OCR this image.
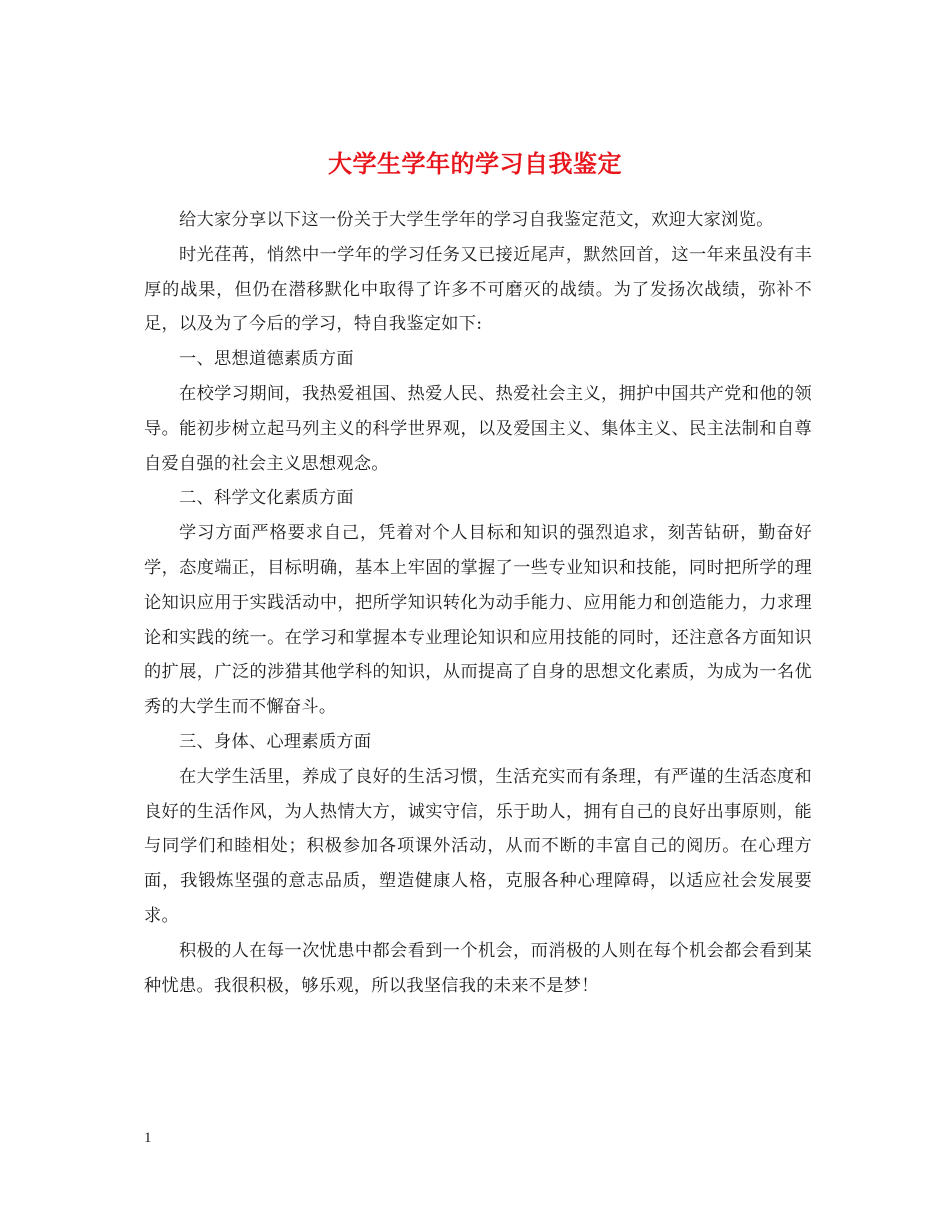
大学生学年的学习自我鉴定

给大家分享以下这一份关于大学生学年的学习自我鉴定范文，欢迎大家浏览。

时光荏苒，悄然中一学年的学习任务又已接近尾声，默然回首，这一年来虽没有丰厚的战果，但仍在潜移默化中取得了许多不可磨灭的战绩。为了发扬次战绩，弥补不足，以及为了今后的学习，特自我鉴定如下:

一、思想道德素质方面

在校学习期间，我热爱祖国、热爱人民、热爱社会主义，拥护中国共产党和他的领导。能初步树立起马列主义的科学世界观，以及爱国主义、集体主义、民主法制和自尊自爱自强的社会主义思想观念。

二、科学文化素质方面

学习方面严格要求自己，凭着对个人目标和知识的强烈追求，刻苦钻研，勤奋好学，态度端正，目标明确，基本上牢固的掌握了一些专业知识和技能，同时把所学的理论知识应用于实践活动中，把所学知识转化为动手能力、应用能力和创造能力，力求理论和实践的统一。在学习和掌握本专业理论知识和应用技能的同时，还注意各方面知识的扩展，广泛的涉猎其他学科的知识，从而提高了自身的思想文化素质，为成为一名优秀的大学生而不懈奋斗。

三、身体、心理素质方面

在大学生活里，养成了良好的生活习惯，生活充实而有条理，有严谨的生活态度和良好的生活作风，为人热情大方，诚实守信，乐于助人，拥有自己的良好出事原则，能与同学们和睦相处；积极参加各项课外活动，从而不断的丰富自己的阅历。在心理方面，我锻炼坚强的意志品质，塑造健康人格，克服各种心理障碍，以适应社会发展要求。

积极的人在每一次忧患中都会看到一个机会，而消极的人则在每个机会都会看到某种忧患。我很积极，够乐观，所以我坚信我的未来不是梦！

1
